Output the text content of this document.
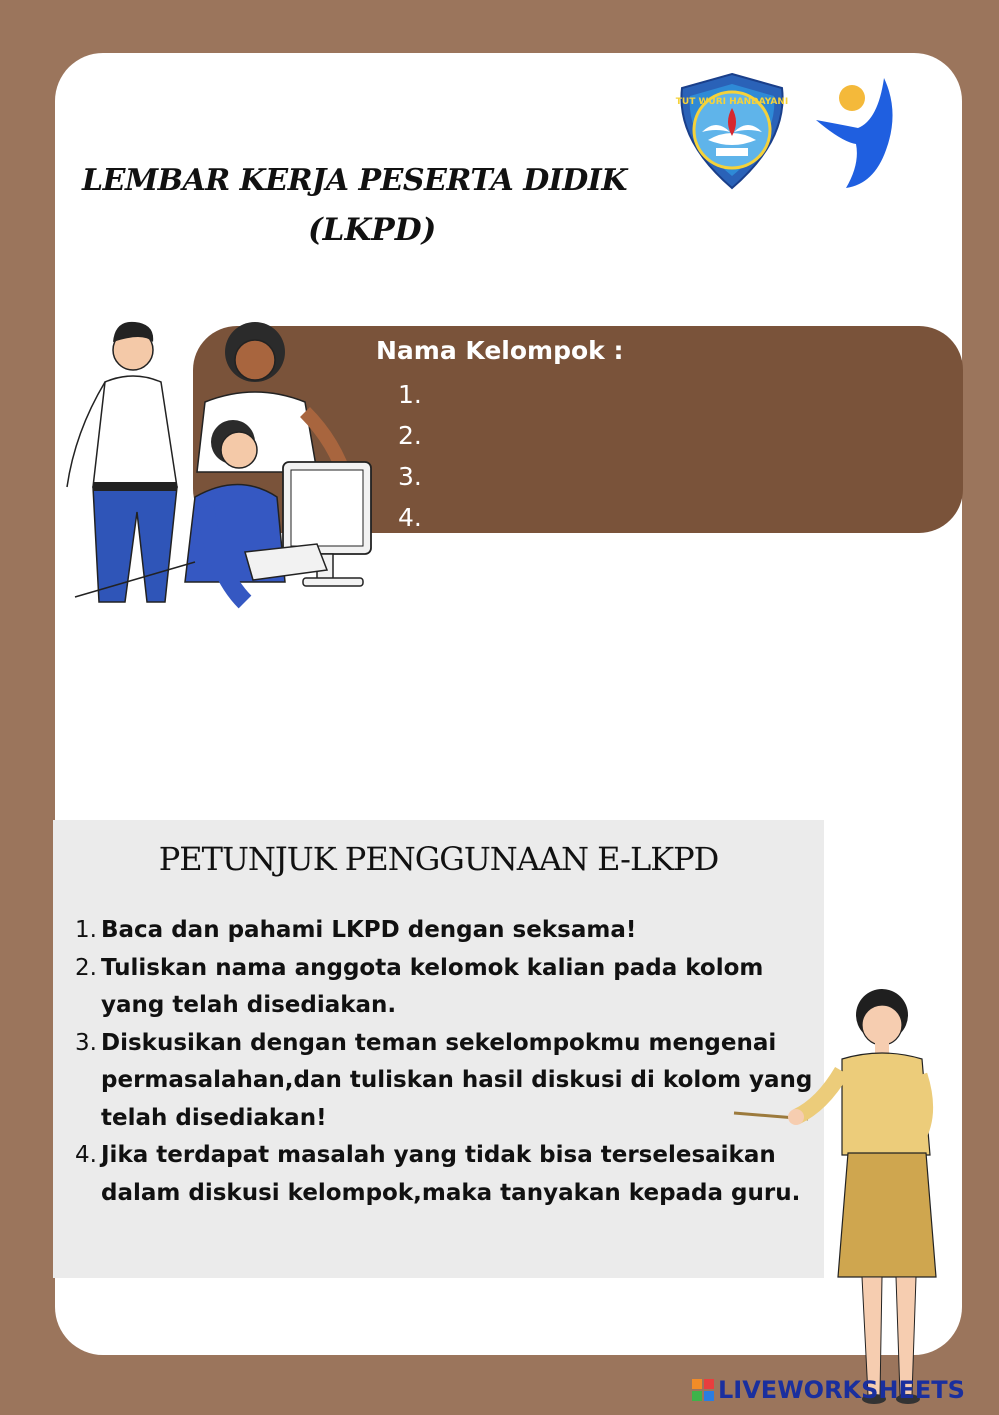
TUT WURI HANDAYANI
LEMBAR KERJA PESERTA DIDIK
(LKPD)
Nama Kelompok :
1.
2.
3.
4.
PETUNJUK PENGGUNAAN E-LKPD
1. Baca dan pahami LKPD dengan seksama!
2. Tuliskan nama anggota kelomok kalian pada kolom yang telah disediakan.
3. Diskusikan dengan teman sekelompokmu mengenai permasalahan,dan tuliskan hasil diskusi di kolom yang telah disediakan!
4. Jika terdapat masalah yang tidak bisa terselesaikan dalam diskusi kelompok,maka tanyakan kepada guru.
LIVEWORKSHEETS
